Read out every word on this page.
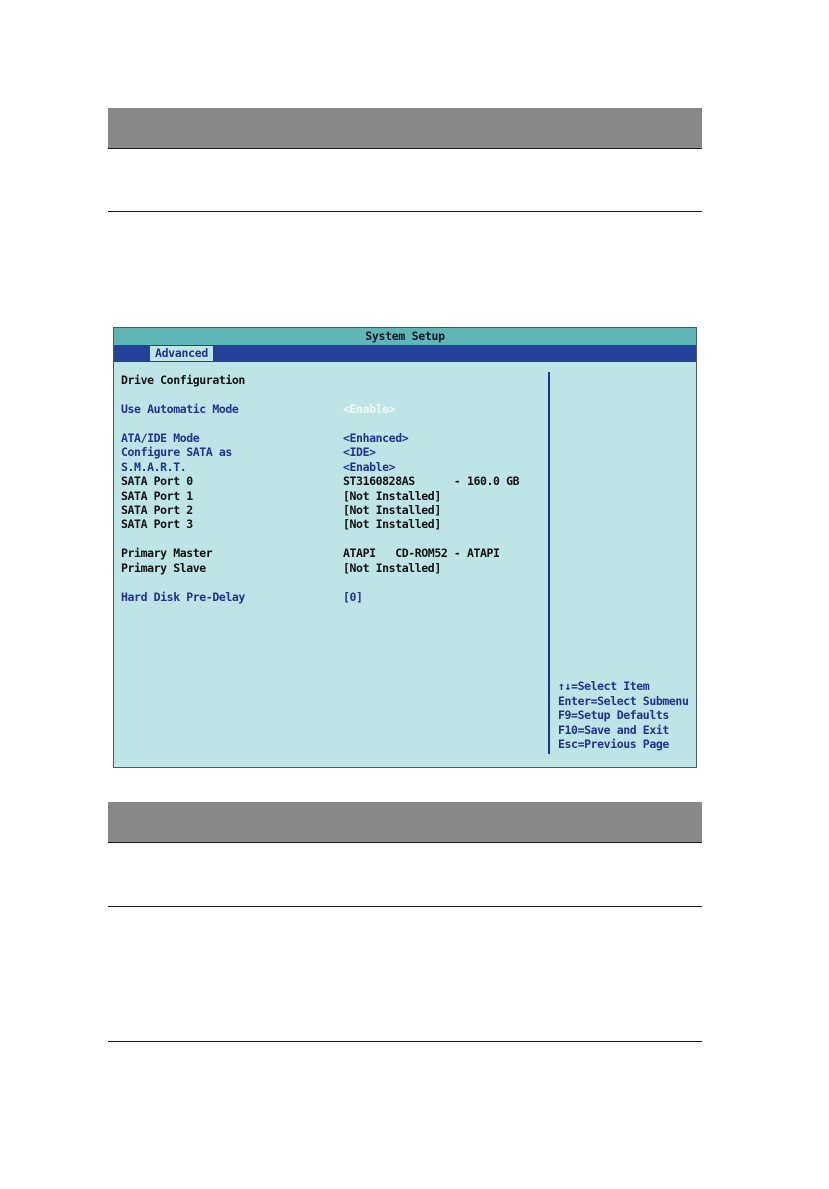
System Setup
Advanced
Drive Configuration
Use Automatic Mode	<Enable>
ATA/IDE Mode	<Enhanced>
Configure SATA as	<IDE>
S.M.A.R.T.	<Enable>
SATA Port 0	ST3160828AS      - 160.0 GB
SATA Port 1	[Not Installed]
SATA Port 2	[Not Installed]
SATA Port 3	[Not Installed]
Primary Master	ATAPI   CD-ROM52 - ATAPI
Primary Slave	[Not Installed]
Hard Disk Pre-Delay	[0]
↑↓=Select Item
Enter=Select Submenu
F9=Setup Defaults
F10=Save and Exit
Esc=Previous Page
